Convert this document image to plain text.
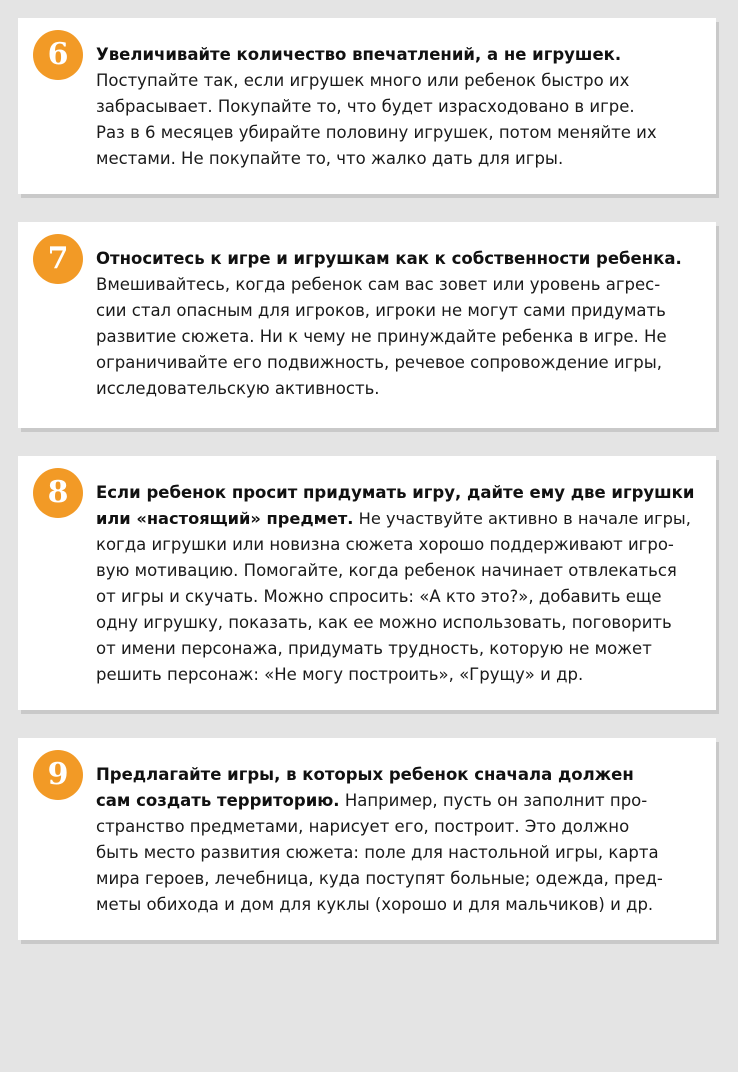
6	Увеличивайте количество впечатлений, а не игрушек.
Поступайте так, если игрушек много или ребенок быстро их
забрасывает. Покупайте то, что будет израсходовано в игре.
Раз в 6 месяцев убирайте половину игрушек, потом меняйте их
местами. Не покупайте то, что жалко дать для игры.

7	Относитесь к игре и игрушкам как к собственности ребенка.
Вмешивайтесь, когда ребенок сам вас зовет или уровень агрес-
сии стал опасным для игроков, игроки не могут сами придумать
развитие сюжета. Ни к чему не принуждайте ребенка в игре. Не
ограничивайте его подвижность, речевое сопровождение игры,
исследовательскую активность.

8	Если ребенок просит придумать игру, дайте ему две игрушки
или «настоящий» предмет. Не участвуйте активно в начале игры,
когда игрушки или новизна сюжета хорошо поддерживают игро-
вую мотивацию. Помогайте, когда ребенок начинает отвлекаться
от игры и скучать. Можно спросить: «А кто это?», добавить еще
одну игрушку, показать, как ее можно использовать, поговорить
от имени персонажа, придумать трудность, которую не может
решить персонаж: «Не могу построить», «Грущу» и др.

9	Предлагайте игры, в которых ребенок сначала должен
сам создать территорию. Например, пусть он заполнит про-
странство предметами, нарисует его, построит. Это должно
быть место развития сюжета: поле для настольной игры, карта
мира героев, лечебница, куда поступят больные; одежда, пред-
меты обихода и дом для куклы (хорошо и для мальчиков) и др.
